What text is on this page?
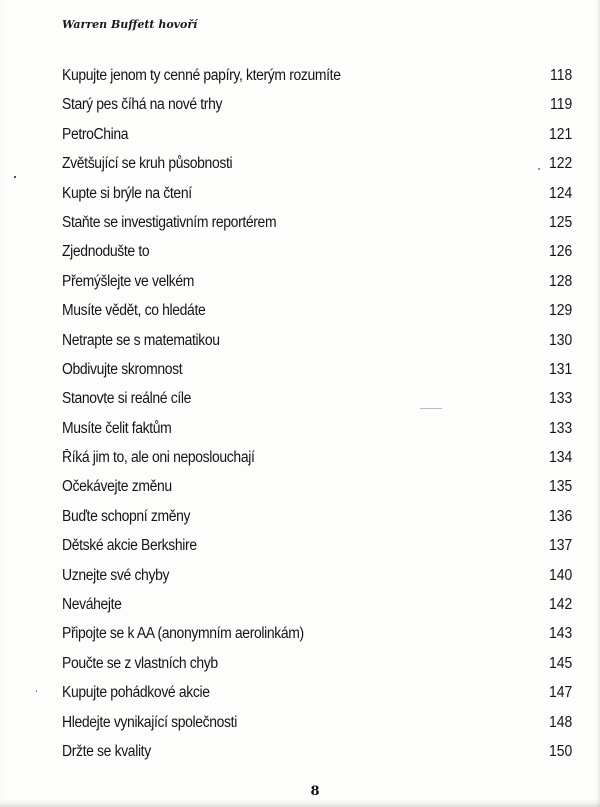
Warren Buffett hovoří
Kupujte jenom ty cenné papíry, kterým rozumíte	118
Starý pes číhá na nové trhy	119
PetroChina	121
Zvětšující se kruh působnosti	122
Kupte si brýle na čtení	124
Staňte se investigativním reportérem	125
Zjednodušte to	126
Přemýšlejte ve velkém	128
Musíte vědět, co hledáte	129
Netrapte se s matematikou	130
Obdivujte skromnost	131
Stanovte si reálné cíle	133
Musíte čelit faktům	133
Říká jim to, ale oni neposlouchají	134
Očekávejte změnu	135
Buďte schopní změny	136
Dětské akcie Berkshire	137
Uznejte své chyby	140
Neváhejte	142
Připojte se k AA (anonymním aerolinkám)	143
Poučte se z vlastních chyb	145
Kupujte pohádkové akcie	147
Hledejte vynikající společnosti	148
Držte se kvality	150
8
